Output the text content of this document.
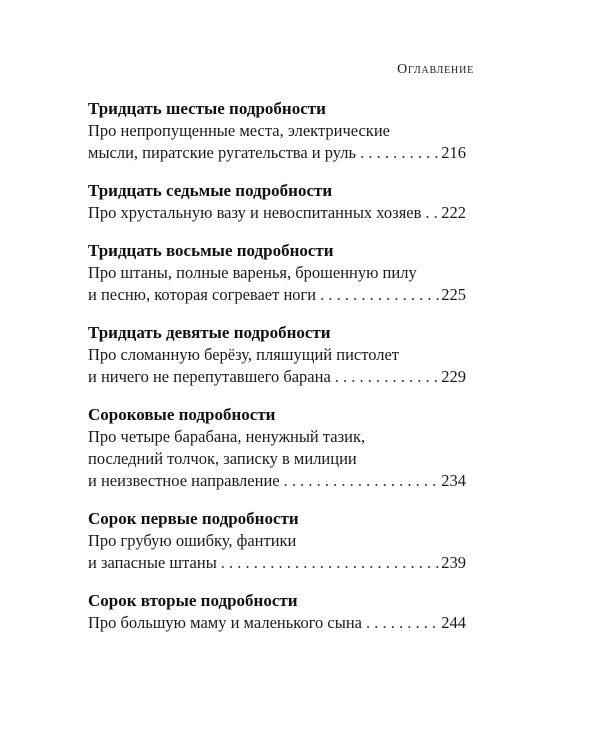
Оглавление
Тридцать шестые подробности
Про непропущенные места, электрические
мысли, пиратские ругательства и руль . . .	216
Тридцать седьмые подробности
Про хрустальную вазу и невоспитанных хозяев . . . 222
Тридцать восьмые подробности
Про штаны, полные варенья, брошенную пилу
и песню, которая согревает ноги . . .	225
Тридцать девятые подробности
Про сломанную берёзу, пляшущий пистолет
и ничего не перепутавшего барана . . .	229
Сороковые подробности
Про четыре барабана, ненужный тазик,
последний толчок, записку в милиции
и неизвестное направление . . .	234
Сорок первые подробности
Про грубую ошибку, фантики
и запасные штаны . . .	239
Сорок вторые подробности
Про большую маму и маленького сына . . .	244
